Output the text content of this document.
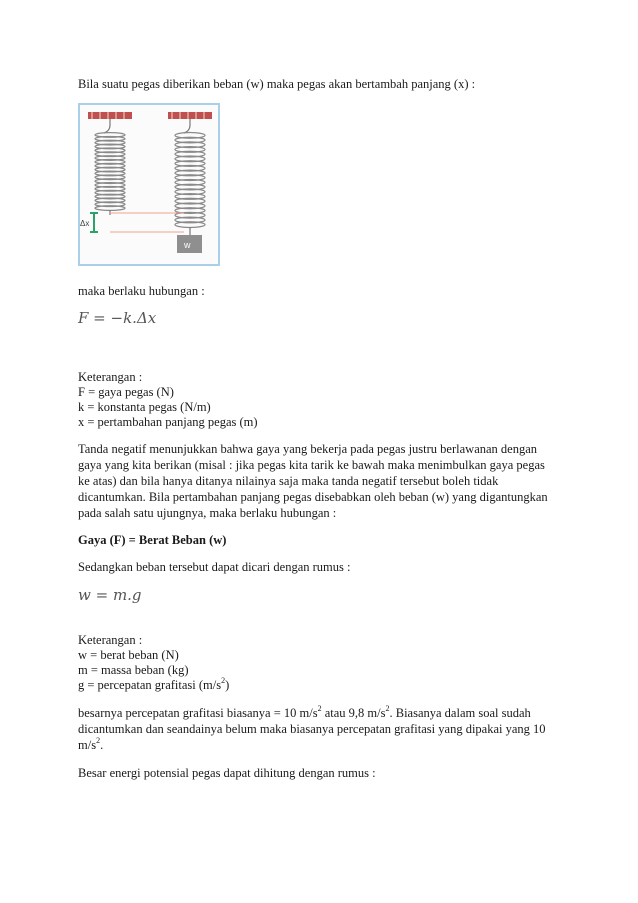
Bila suatu pegas diberikan beban (w) maka pegas akan bertambah panjang (x) :
Δx
w
maka berlaku hubungan :
F = −k.Δx
Keterangan :
F = gaya pegas (N)
k = konstanta pegas (N/m)
x = pertambahan panjang pegas (m)
Tanda negatif menunjukkan bahwa gaya yang bekerja pada pegas justru berlawanan dengan
gaya yang kita berikan (misal : jika pegas kita tarik ke bawah maka menimbulkan gaya pegas
ke atas) dan bila hanya ditanya nilainya saja maka tanda negatif tersebut boleh tidak
dicantumkan. Bila pertambahan panjang pegas disebabkan oleh beban (w) yang digantungkan
pada salah satu ujungnya, maka berlaku hubungan :
Gaya (F) = Berat Beban (w)
Sedangkan beban tersebut dapat dicari dengan rumus :
w = m.g
Keterangan :
w = berat beban (N)
m = massa beban (kg)
g = percepatan grafitasi $(m/s^2)$
besarnya percepatan grafitasi biasanya = 10 $m/s^2$ atau 9,8 $m/s^2$. Biasanya dalam soal sudah
dicantumkan dan seandainya belum maka biasanya percepatan grafitasi yang dipakai yang 10
$m/s^2$.
Besar energi potensial pegas dapat dihitung dengan rumus :
